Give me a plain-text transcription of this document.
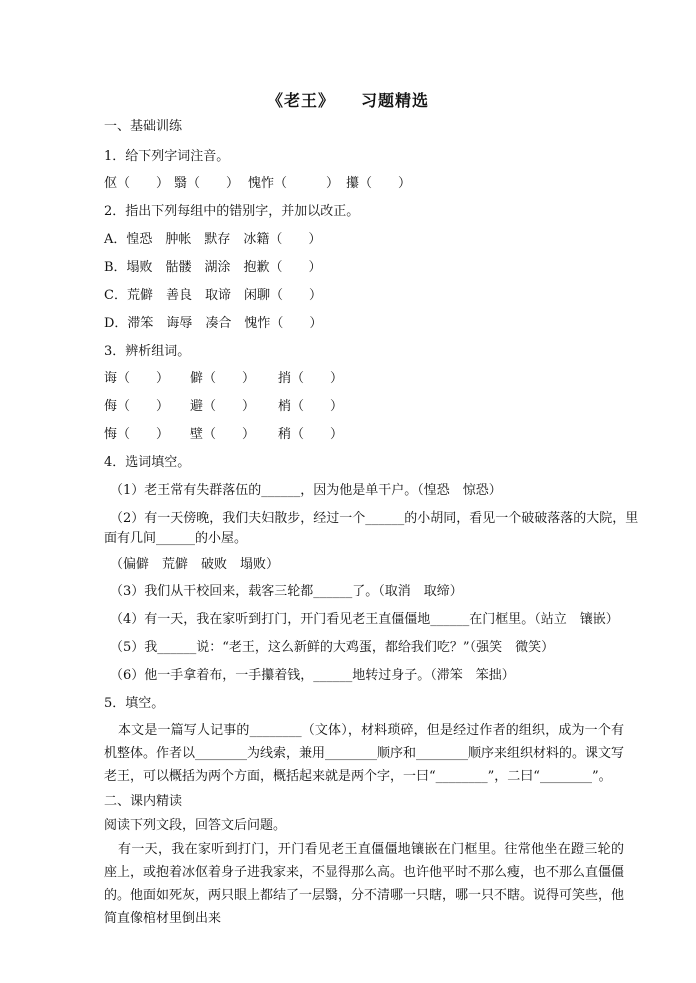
《老王》　　习题精选
一、基础训练
1．给下列字词注音。
伛（　　） 翳（　　） 愧怍（　　　） 攥（　　）
2．指出下列每组中的错别字，并加以改正。
A．惶恐　肿帐　默存　冰籍（　　）
B．塌败　骷髅　湖涂　抱歉（　　）
C．荒僻　善良　取谛　闲聊（　　）
D．滞笨　诲辱　凑合　愧怍（　　）
3．辨析组词。
诲（　　） 僻（　　） 捎（　　）
侮（　　） 避（　　） 梢（　　）
悔（　　） 壁（　　） 稍（　　）
4．选词填空。
（1）老王常有失群落伍的______，因为他是单干户。（惶恐　惊恐）
（2）有一天傍晚，我们夫妇散步，经过一个______的小胡同，看见一个破破落落的大院，里
面有几间______的小屋。
（偏僻　荒僻　破败　塌败）
（3）我们从干校回来，载客三轮都______了。（取消　取缔）
（4）有一天，我在家听到打门，开门看见老王直僵僵地______在门框里。（站立　镶嵌）
（5）我______说：“老王，这么新鲜的大鸡蛋，都给我们吃？”（强笑　微笑）
（6）他一手拿着布，一手攥着钱，______地转过身子。（滞笨　笨拙）
5．填空。
本文是一篇写人记事的________（文体），材料琐碎，但是经过作者的组织，成为一个有机整体。作者以________为线索，兼用________顺序和________顺序来组织材料的。课文写老王，可以概括为两个方面，概括起来就是两个字，一曰“________”，二曰“________”。
二、课内精读
阅读下列文段，回答文后问题。
有一天，我在家听到打门，开门看见老王直僵僵地镶嵌在门框里。往常他坐在蹬三轮的座上，或抱着冰伛着身子进我家来，不显得那么高。也许他平时不那么瘦，也不那么直僵僵的。他面如死灰，两只眼上都结了一层翳，分不清哪一只瞎，哪一只不瞎。说得可笑些，他简直像棺材里倒出来
